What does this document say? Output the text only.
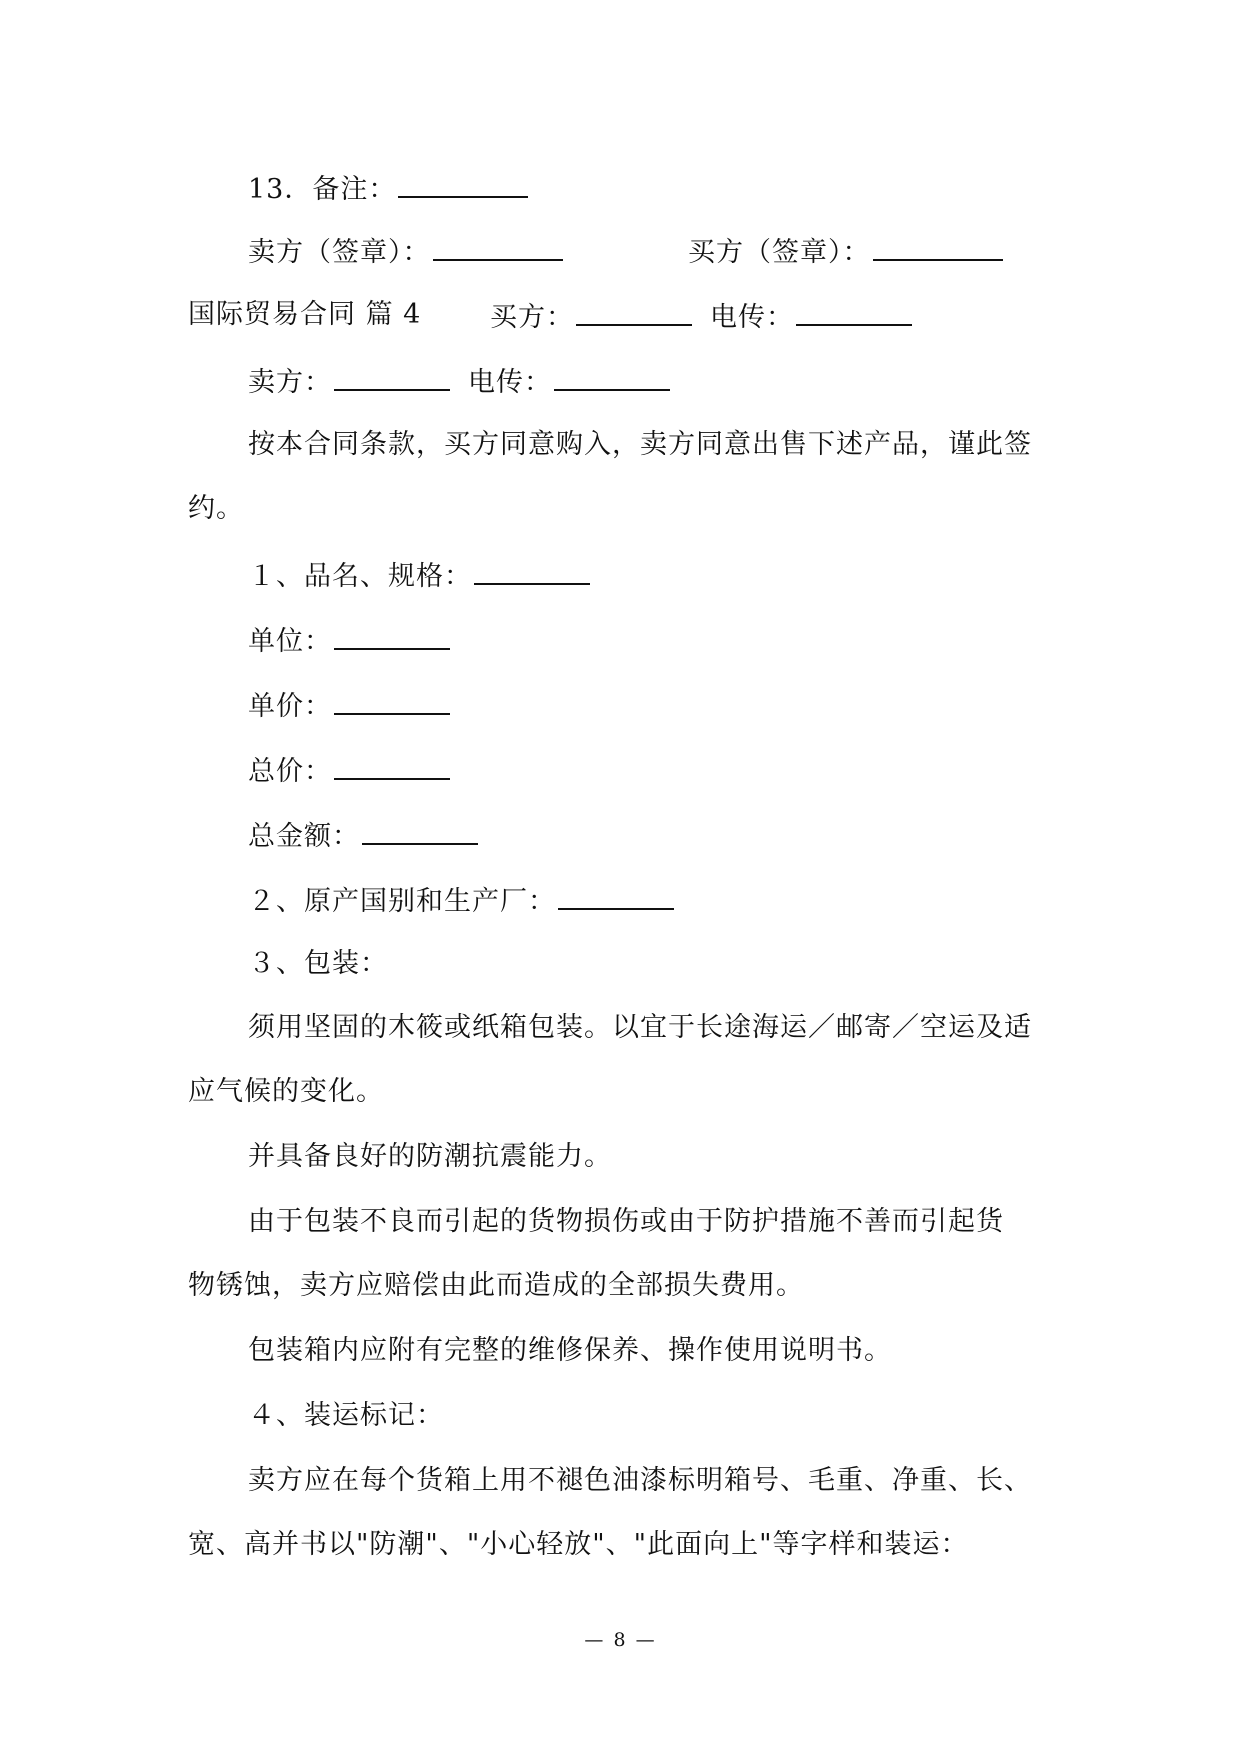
13．备注：
卖方（签章）：	买方（签章）：
国际贸易合同 篇 4	买方：	电传：
卖方：	电传：
按本合同条款，买方同意购入，卖方同意出售下述产品，谨此签
约。
１、品名、规格：
单位：
单价：
总价：
总金额：
２、原产国别和生产厂：
３、包装：
须用坚固的木筱或纸箱包装。以宜于长途海运／邮寄／空运及适
应气候的变化。
并具备良好的防潮抗震能力。
由于包装不良而引起的货物损伤或由于防护措施不善而引起货
物锈蚀，卖方应赔偿由此而造成的全部损失费用。
包装箱内应附有完整的维修保养、操作使用说明书。
４、装运标记：
卖方应在每个货箱上用不褪色油漆标明箱号、毛重、净重、长、
宽、高并书以"防潮"、"小心轻放"、"此面向上"等字样和装运：
— 8 —
